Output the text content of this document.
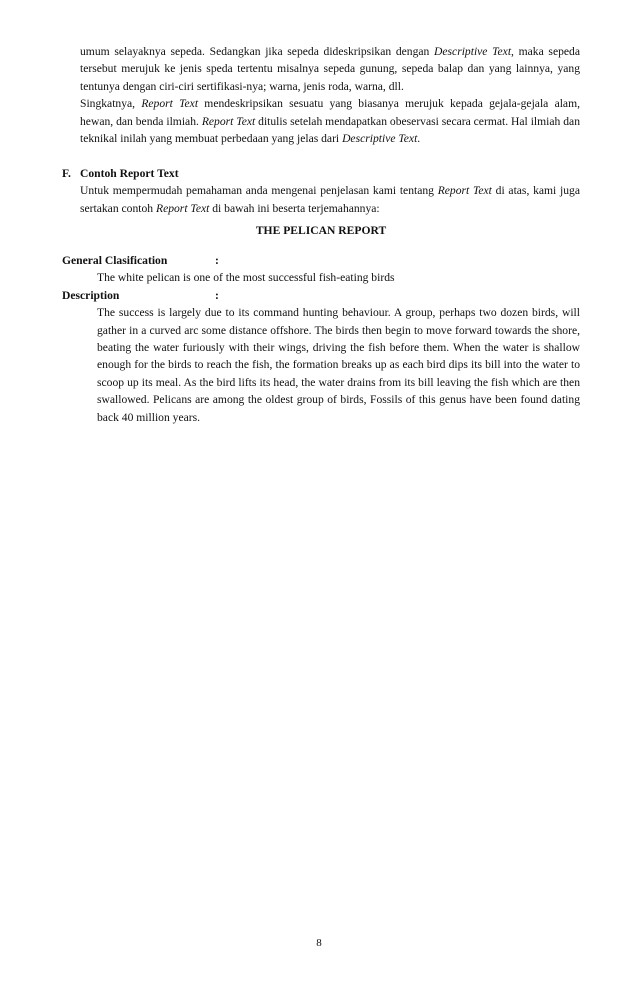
umum selayaknya sepeda. Sedangkan jika sepeda dideskripsikan dengan Descriptive Text, maka sepeda tersebut merujuk ke jenis speda tertentu misalnya sepeda gunung, sepeda balap dan yang lainnya, yang tentunya dengan ciri-ciri sertifikasi-nya; warna, jenis roda, warna, dll.

Singkatnya, Report Text mendeskripsikan sesuatu yang biasanya merujuk kepada gejala-gejala alam, hewan, dan benda ilmiah. Report Text ditulis setelah mendapatkan obeservasi secara cermat. Hal ilmiah dan teknikal inilah yang membuat perbedaan yang jelas dari Descriptive Text.

F. Contoh Report Text
Untuk mempermudah pemahaman anda mengenai penjelasan kami tentang Report Text di atas, kami juga sertakan contoh Report Text di bawah ini beserta terjemahannya:
THE PELICAN REPORT
General Clasification	:
The white pelican is one of the most successful fish-eating birds
Description	:
The success is largely due to its command hunting behaviour. A group, perhaps two dozen birds, will gather in a curved arc some distance offshore. The birds then begin to move forward towards the shore, beating the water furiously with their wings, driving the fish before them. When the water is shallow enough for the birds to reach the fish, the formation breaks up as each bird dips its bill into the water to scoop up its meal. As the bird lifts its head, the water drains from its bill leaving the fish which are then swallowed. Pelicans are among the oldest group of birds, Fossils of this genus have been found dating back 40 million years.
8
